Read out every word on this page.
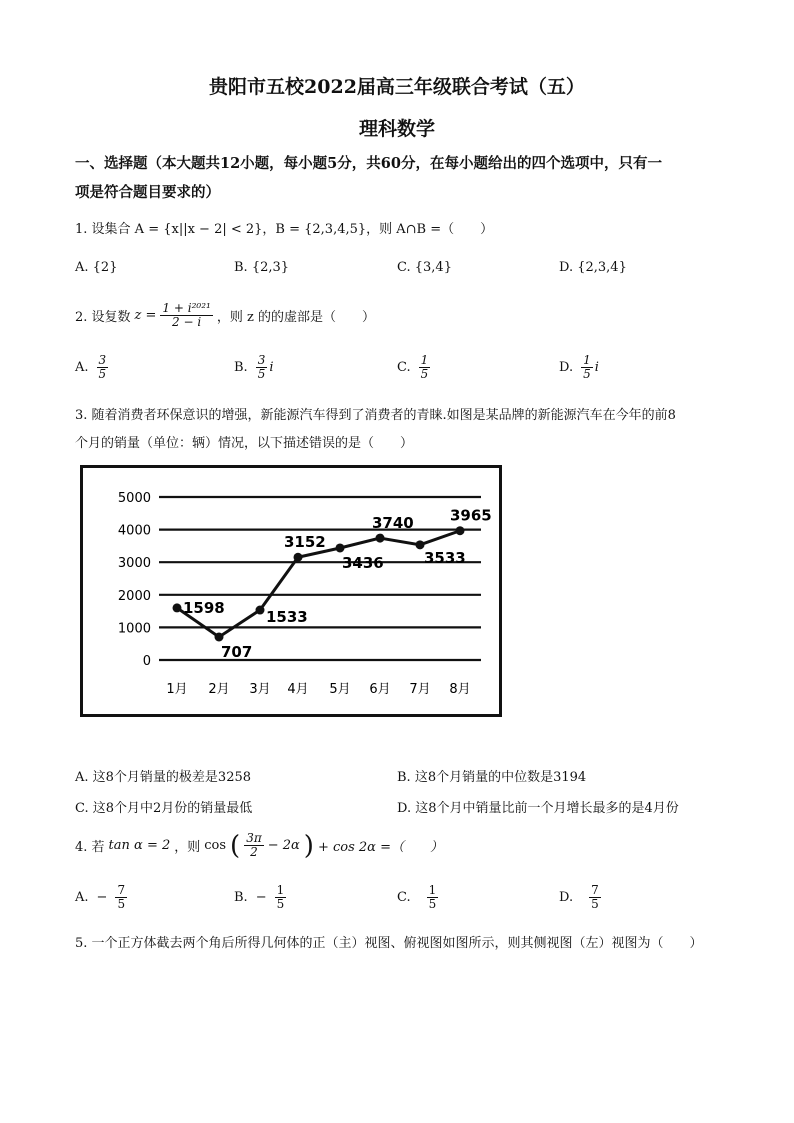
贵阳市五校2022届高三年级联合考试（五）
理科数学
一、选择题（本大题共12小题，每小题5分，共60分，在每小题给出的四个选项中，只有一
项是符合题目要求的）
1. 设集合 A = {x||x − 2| < 2}，B = {2,3,4,5}，则 A∩B =（　　）
A. {2}	B. {2,3}	C. {3,4}	D. {2,3,4}
2. 设复数 $z = \frac{\text{1 + i²⁰²¹}}{2 - i}$ ，则 z 的的虚部是（　　）
A. $\frac{3}{5}$	B. $\frac{3}{5}$ i	C. $\frac{1}{5}$	D. $\frac{1}{5}$ i
3. 随着消费者环保意识的增强，新能源汽车得到了消费者的青睐.如图是某品牌的新能源汽车在今年的前8
个月的销量（单位：辆）情况，以下描述错误的是（　　）
5000
4000
3000
2000
1000
0
1月 2月 3月 4月 5月 6月 7月 8月
1598
707
1533
3152
3436
3740
3533
3965
A. 这8个月销量的极差是3258	B. 这8个月销量的中位数是3194
C. 这8个月中2月份的销量最低	D. 这8个月中销量比前一个月增长最多的是4月份
4. 若 tan α = 2 ，则 cos ( $\frac{3\pi}{2} - 2\alpha$ ) + cos 2α =（　　）
A. − $\frac{7}{5}$	B. − $\frac{1}{5}$	C. $\frac{1}{5}$	D. $\frac{7}{5}$
5. 一个正方体截去两个角后所得几何体的正（主）视图、俯视图如图所示，则其侧视图（左）视图为（　　）
